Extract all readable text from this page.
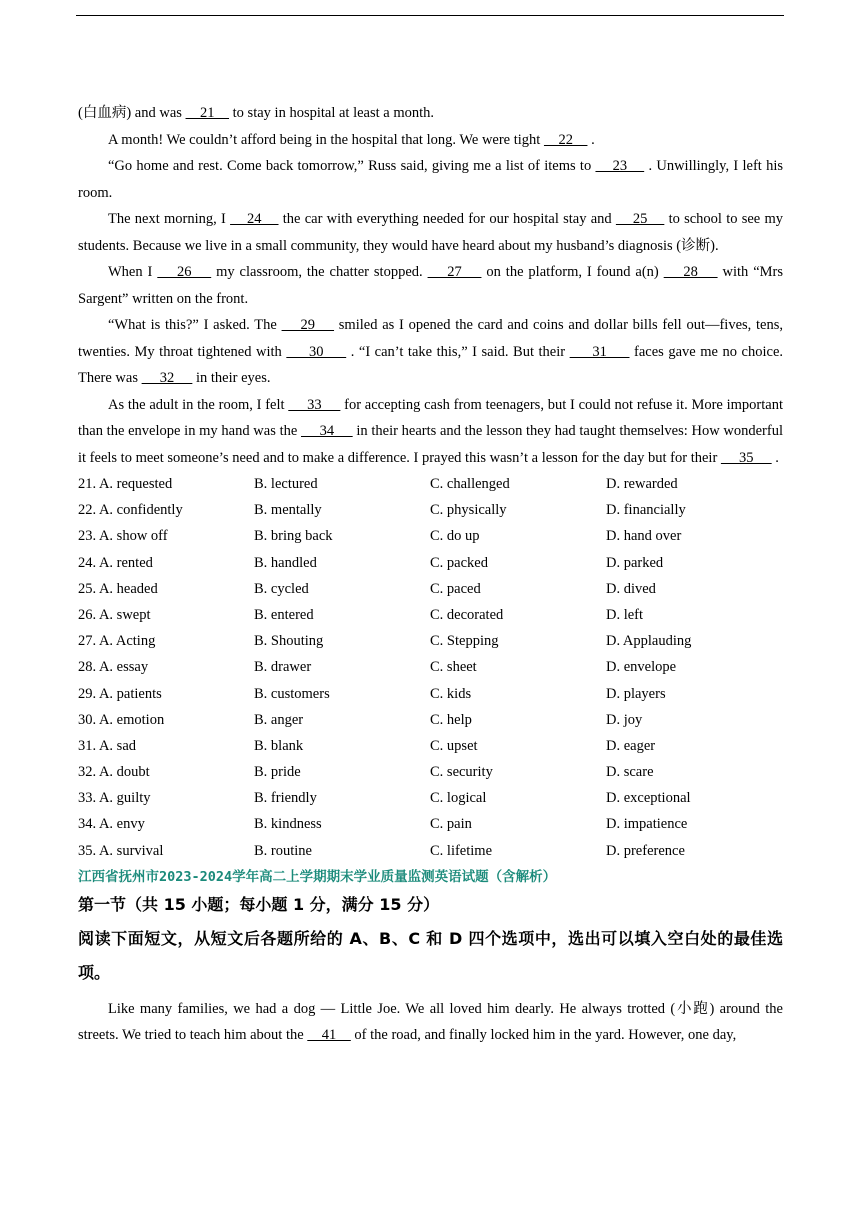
(白血病) and was     21     to stay in hospital at least a month.

A month! We couldn’t afford being in the hospital that long. We were tight     22     .

“Go home and rest. Come back tomorrow,” Russ said, giving me a list of items to     23     . Unwillingly, I left his room.

The next morning, I     24     the car with everything needed for our hospital stay and     25     to school to see my students. Because we live in a small community, they would have heard about my husband’s diagnosis (诊断).

When I     26     my classroom, the chatter stopped.     27     on the platform, I found a(n)     28     with “Mrs Sargent” written on the front.

“What is this?” I asked. The     29     smiled as I opened the card and coins and dollar bills fell out—fives, tens, twenties. My throat tightened with      30      . “I can’t take this,” I said. But their      31      faces gave me no choice. There was      32      in their eyes.

As the adult in the room, I felt      33      for accepting cash from teenagers, but I could not refuse it. More important than the envelope in my hand was the      34      in their hearts and the lesson they had taught themselves: How wonderful it feels to meet someone’s need and to make a difference. I prayed this wasn’t a lesson for the day but for their      35      .

21. A. requested	B. lectured	C. challenged	D. rewarded
22. A. confidently	B. mentally	C. physically	D. financially
23. A. show off	B. bring back	C. do up	D. hand over
24. A. rented	B. handled	C. packed	D. parked
25. A. headed	B. cycled	C. paced	D. dived
26. A. swept	B. entered	C. decorated	D. left
27. A. Acting	B. Shouting	C. Stepping	D. Applauding
28. A. essay	B. drawer	C. sheet	D. envelope
29. A. patients	B. customers	C. kids	D. players
30. A. emotion	B. anger	C. help	D. joy
31. A. sad	B. blank	C. upset	D. eager
32. A. doubt	B. pride	C. security	D. scare
33. A. guilty	B. friendly	C. logical	D. exceptional
34. A. envy	B. kindness	C. pain	D. impatience
35. A. survival	B. routine	C. lifetime	D. preference
江西省抚州市2023-2024学年高二上学期期末学业质量监测英语试题（含解析）
第一节（共 15 小题；每小题 1 分，满分 15 分）
阅读下面短文，从短文后各题所给的 A、B、C 和 D 四个选项中，选出可以填入空白处的最佳选项。

Like many families, we had a dog — Little Joe. We all loved him dearly. He always trotted (小跑) around the streets. We tried to teach him about the     41     of the road, and finally locked him in the yard. However, one day,
